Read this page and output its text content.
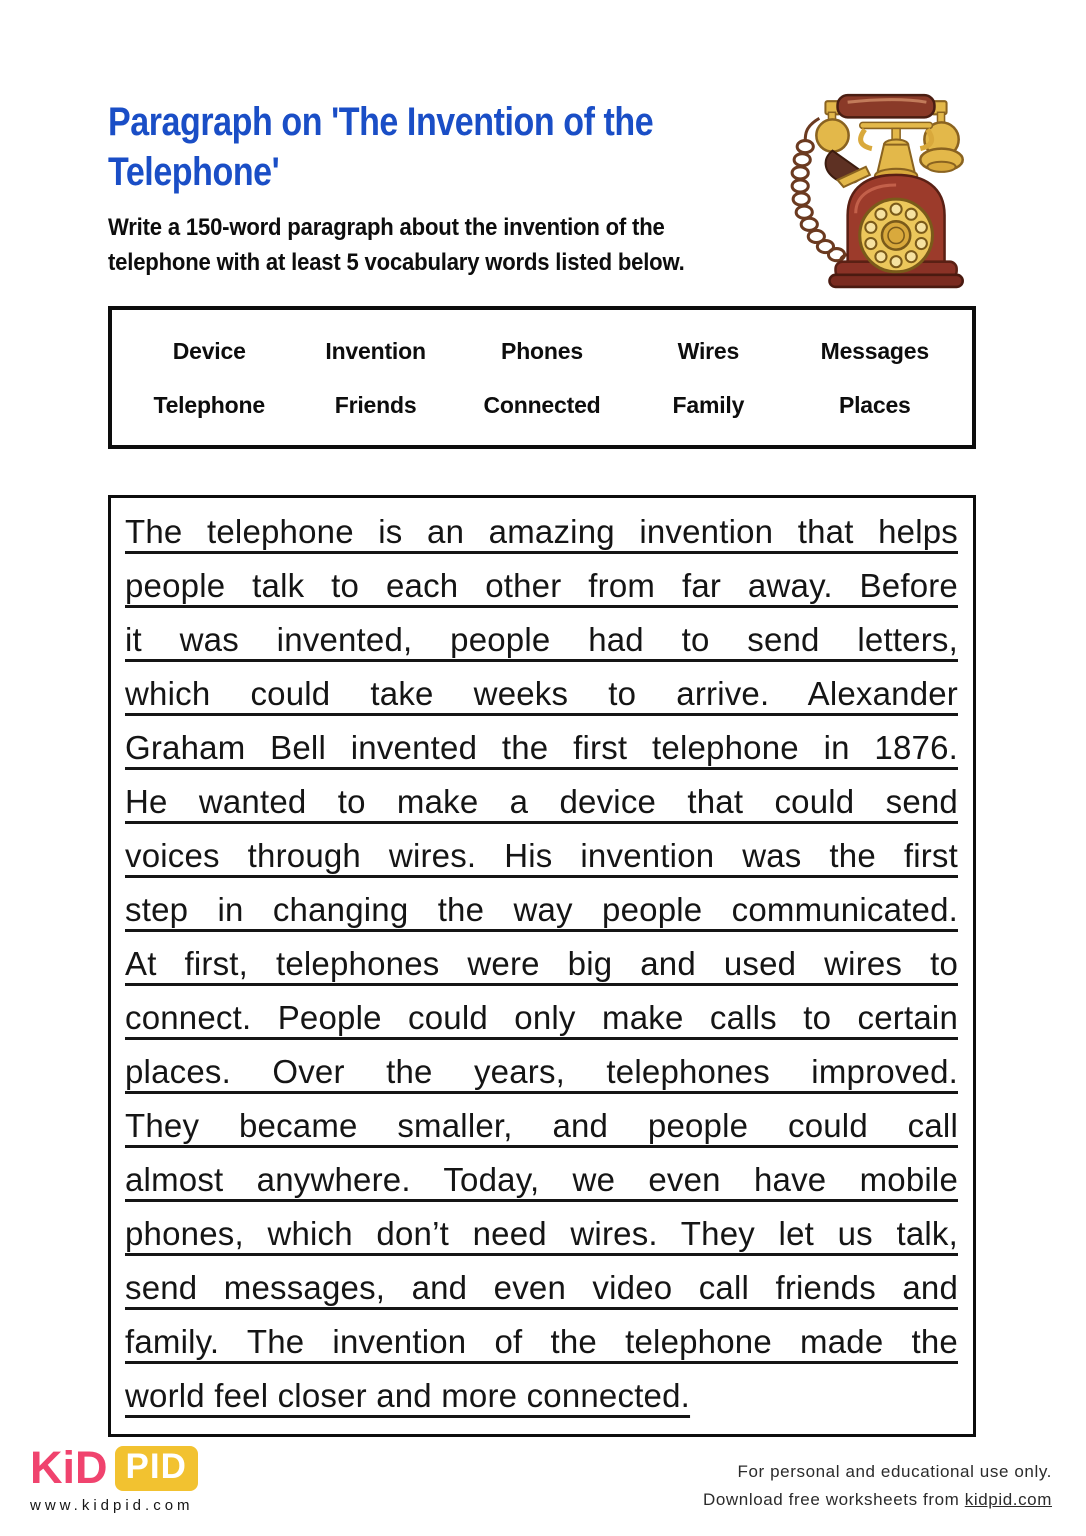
Paragraph on 'The Invention of the
Telephone'
Write a 150-word paragraph about the invention of the
telephone with at least 5 vocabulary words listed below.
Device	Invention	Phones	Wires	Messages
Telephone	Friends	Connected	Family	Places
The telephone is an amazing invention that helps
people talk to each other from far away. Before
it was invented, people had to send letters,
which could take weeks to arrive. Alexander
Graham Bell invented the first telephone in 1876.
He wanted to make a device that could send
voices through wires. His invention was the first
step in changing the way people communicated.
At first, telephones were big and used wires to
connect. People could only make calls to certain
places. Over the years, telephones improved.
They became smaller, and people could call
almost anywhere. Today, we even have mobile
phones, which don’t need wires. They let us talk,
send messages, and even video call friends and
family. The invention of the telephone made the
world feel closer and more connected.
KiD PID
www.kidpid.com
For personal and educational use only.
Download free worksheets from kidpid.com
